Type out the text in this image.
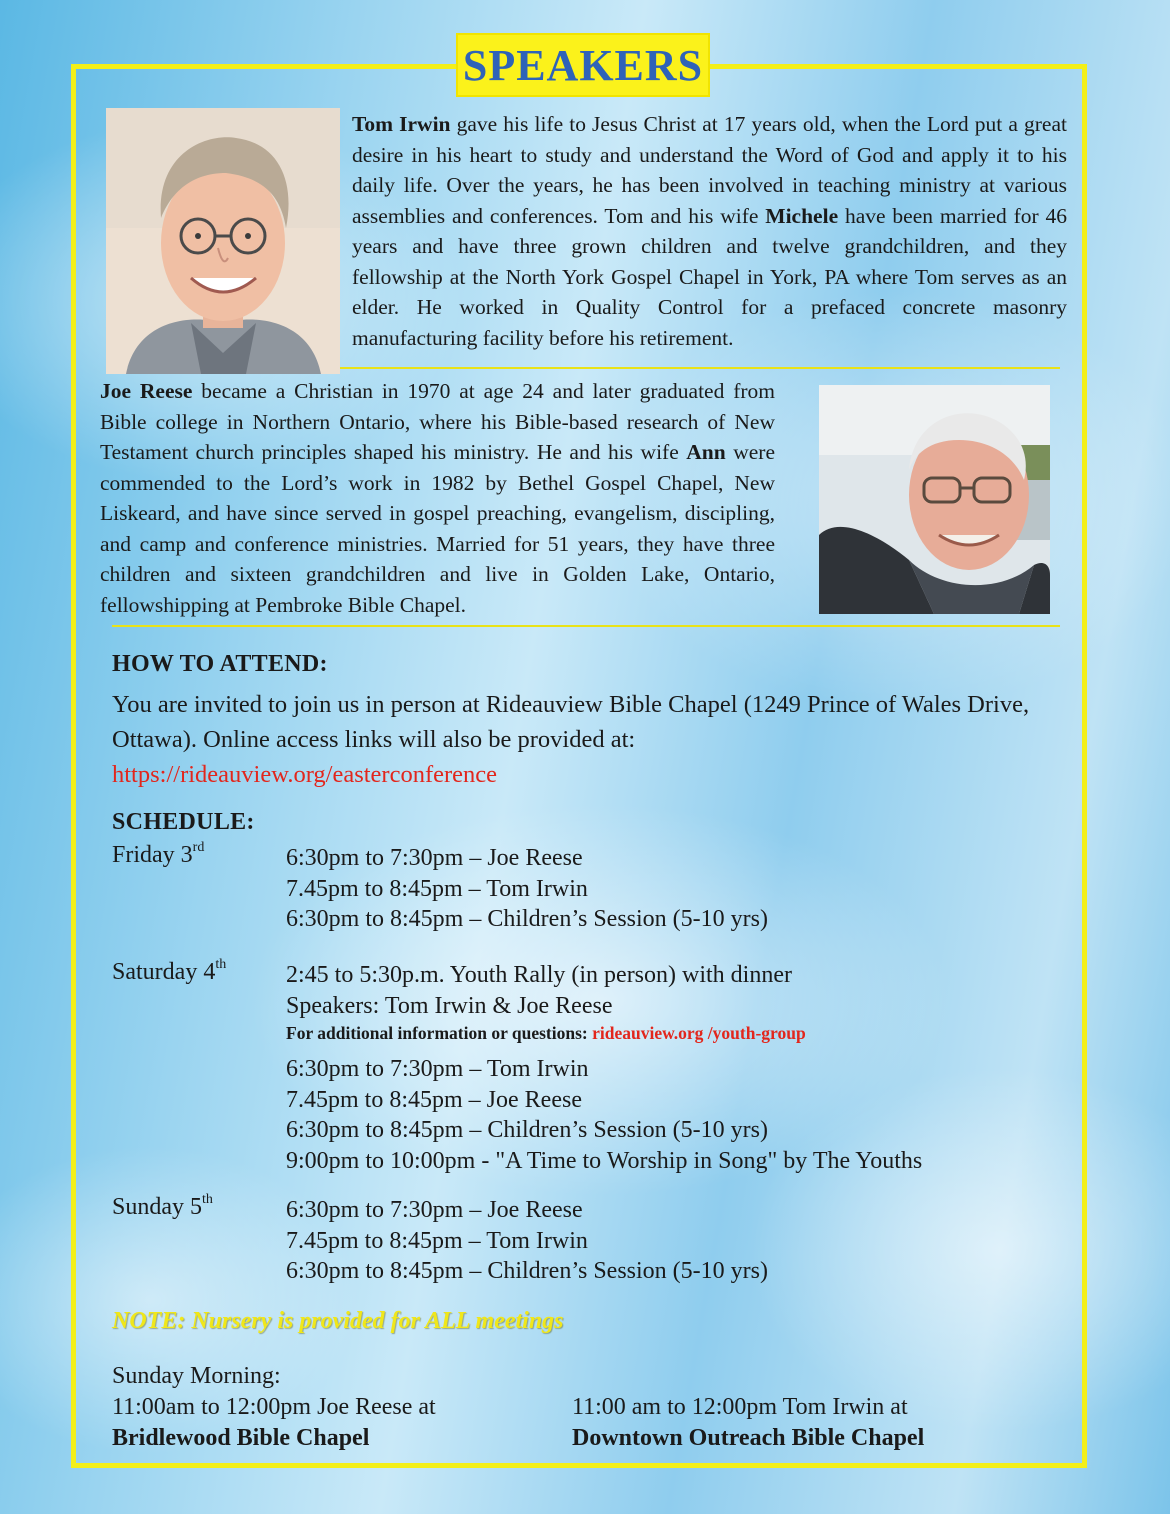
SPEAKERS
Tom Irwin gave his life to Jesus Christ at 17 years old, when the Lord put a great desire in his heart to study and understand the Word of God and apply it to his daily life. Over the years, he has been involved in teaching ministry at various assemblies and conferences. Tom and his wife Michele have been married for 46 years and have three grown children and twelve grandchildren, and they fellowship at the North York Gospel Chapel in York, PA where Tom serves as an elder. He worked in Quality Control for a prefaced concrete masonry manufacturing facility before his retirement.
Joe Reese became a Christian in 1970 at age 24 and later graduated from Bible college in Northern Ontario, where his Bible-based research of New Testament church principles shaped his ministry. He and his wife Ann were commended to the Lord’s work in 1982 by Bethel Gospel Chapel, New Liskeard, and have since served in gospel preaching, evangelism, discipling, and camp and conference ministries. Married for 51 years, they have three children and sixteen grandchildren and live in Golden Lake, Ontario, fellowshipping at Pembroke Bible Chapel.
HOW TO ATTEND:
You are invited to join us in person at Rideauview Bible Chapel (1249 Prince of Wales Drive, Ottawa). Online access links will also be provided at:
https://rideauview.org/easterconference
SCHEDULE:
Friday 3rd	6:30pm to 7:30pm – Joe Reese
7.45pm to 8:45pm – Tom Irwin
6:30pm to 8:45pm – Children’s Session (5-10 yrs)
Saturday 4th 2:45 to 5:30p.m. Youth Rally (in person) with dinner
Speakers: Tom Irwin & Joe Reese
For additional information or questions: rideauview.org /youth-group
6:30pm to 7:30pm – Tom Irwin
7.45pm to 8:45pm – Joe Reese
6:30pm to 8:45pm – Children’s Session (5-10 yrs)
9:00pm to 10:00pm - "A Time to Worship in Song" by The Youths
Sunday 5th	6:30pm to 7:30pm – Joe Reese
7.45pm to 8:45pm – Tom Irwin
6:30pm to 8:45pm – Children’s Session (5-10 yrs)
NOTE: Nursery is provided for ALL meetings
Sunday Morning:
11:00am to 12:00pm Joe Reese at
Bridlewood Bible Chapel
11:00 am to 12:00pm Tom Irwin at
Downtown Outreach Bible Chapel
